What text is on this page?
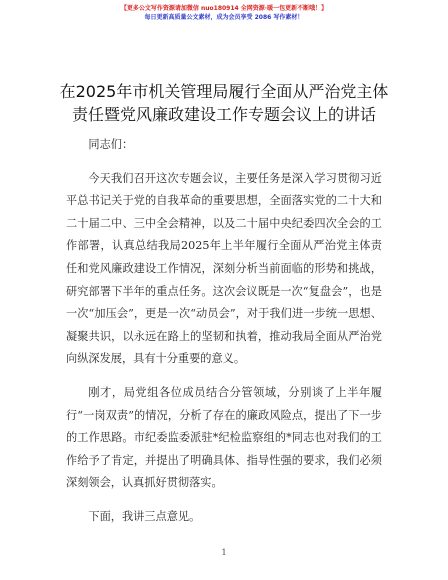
【更多公文写作资源请加微信 nuo180914 全网资源·暖一包更新不断哦！】
每日更新高质量公文素材，成为会员享受 2086 写作素材！
在2025年市机关管理局履行全面从严治党主体
责任暨党风廉政建设工作专题会议上的讲话

同志们：

今天我们召开这次专题会议，主要任务是深入学习贯彻习近平总书记关于党的自我革命的重要思想，全面落实党的二十大和二十届二中、三中全会精神，以及二十届中央纪委四次全会的工作部署，认真总结我局2025年上半年履行全面从严治党主体责任和党风廉政建设工作情况，深刻分析当前面临的形势和挑战，研究部署下半年的重点任务。这次会议既是一次“复盘会”，也是一次“加压会”，更是一次“动员会”，对于我们进一步统一思想、凝聚共识，以永远在路上的坚韧和执着，推动我局全面从严治党向纵深发展，具有十分重要的意义。

刚才，局党组各位成员结合分管领域，分别谈了上半年履行“一岗双责”的情况，分析了存在的廉政风险点，提出了下一步的工作思路。市纪委监委派驻*纪检监察组的*同志也对我们的工作给予了肯定，并提出了明确具体、指导性强的要求，我们必须深刻领会，认真抓好贯彻落实。

下面，我讲三点意见。

1
